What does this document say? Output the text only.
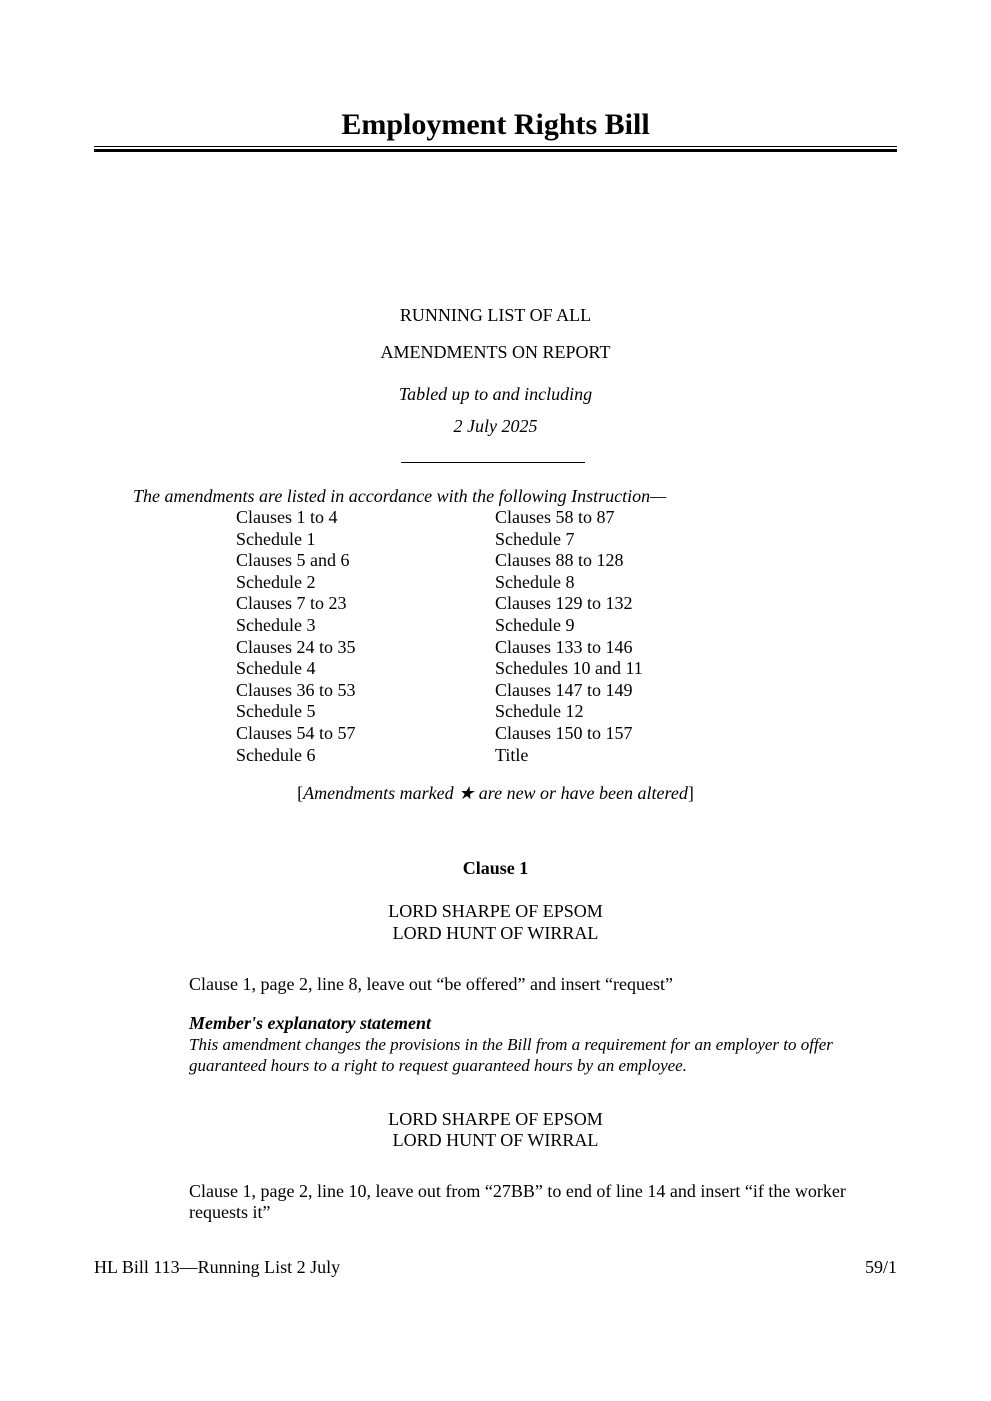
Employment Rights Bill
RUNNING LIST OF ALL
AMENDMENTS ON REPORT
Tabled up to and including
2 July 2025
The amendments are listed in accordance with the following Instruction—
Clauses 1 to 4
Schedule 1
Clauses 5 and 6
Schedule 2
Clauses 7 to 23
Schedule 3
Clauses 24 to 35
Schedule 4
Clauses 36 to 53
Schedule 5
Clauses 54 to 57
Schedule 6
Clauses 58 to 87
Schedule 7
Clauses 88 to 128
Schedule 8
Clauses 129 to 132
Schedule 9
Clauses 133 to 146
Schedules 10 and 11
Clauses 147 to 149
Schedule 12
Clauses 150 to 157
Title
[Amendments marked ★ are new or have been altered]
Clause 1
LORD SHARPE OF EPSOM
LORD HUNT OF WIRRAL
Clause 1, page 2, line 8, leave out “be offered” and insert “request”
Member's explanatory statement
This amendment changes the provisions in the Bill from a requirement for an employer to offer guaranteed hours to a right to request guaranteed hours by an employee.
LORD SHARPE OF EPSOM
LORD HUNT OF WIRRAL
Clause 1, page 2, line 10, leave out from “27BB” to end of line 14 and insert “if the worker requests it”
HL Bill 113—Running List 2 July	59/1
